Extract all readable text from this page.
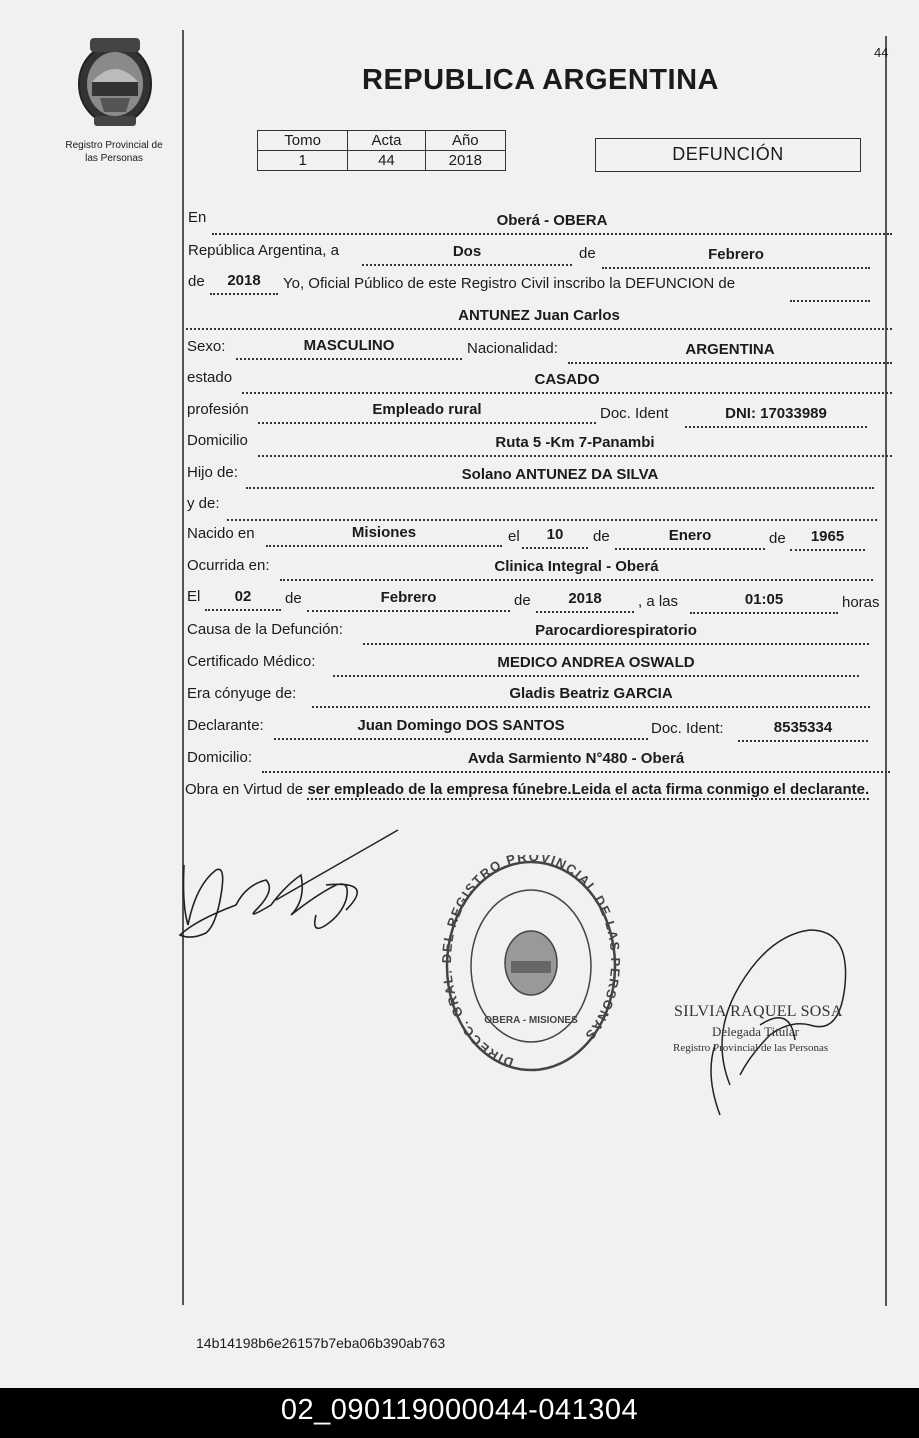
Registro Provincial de
las Personas
44
REPUBLICA ARGENTINA
Tomo	Acta	Año
1	44	2018	DEFUNCIÓN
En	Oberá - OBERA
República Argentina, a	Dos	de	Febrero
de	2018	Yo, Oficial Público de este Registro Civil inscribo la DEFUNCION de
ANTUNEZ Juan Carlos
Sexo:	MASCULINO	Nacionalidad:	ARGENTINA
estado	CASADO
profesión	Empleado rural	Doc. Ident	DNI: 17033989
Domicilio	Ruta 5 -Km 7-Panambi
Hijo de:	Solano ANTUNEZ DA SILVA
y de:
Nacido en	Misiones	el	10	de	Enero	de	1965
Ocurrida en:	Clinica Integral - Oberá
El	02	de	Febrero	de	2018	, a las	01:05	horas
Causa de la Defunción:	Parocardiorespiratorio
Certificado Médico:	MEDICO ANDREA OSWALD
Era cónyuge de:	Gladis Beatriz GARCIA
Declarante:	Juan Domingo DOS SANTOS	Doc. Ident:	8535334
Domicilio:	Avda Sarmiento N°480 - Oberá
Obra en Virtud de ser empleado de la empresa fúnebre.Leida el acta firma conmigo el declarante.
DIRECC. GRAL. DEL REGISTRO PROVINCIAL DE LAS PERSONAS
OBERA - MISIONES
SILVIA RAQUEL SOSA
Delegada Titular
Registro Provincial de las Personas
14b14198b6e26157b7eba06b390ab763
02_090119000044-041304
